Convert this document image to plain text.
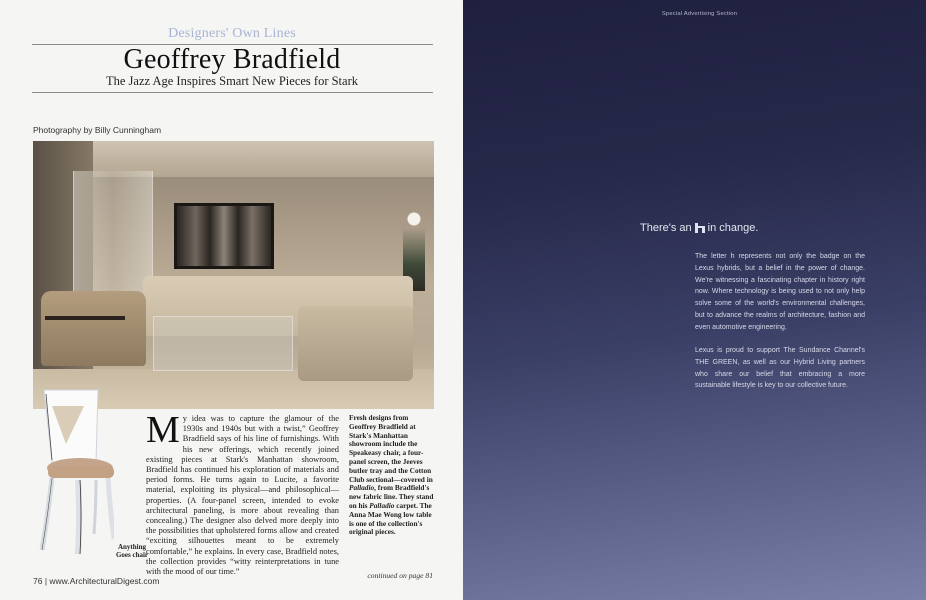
Designers' Own Lines
Geoffrey Bradfield
The Jazz Age Inspires Smart New Pieces for Stark
Photography by Billy Cunningham
Anything Goes chair
My idea was to capture the glamour of the 1930s and 1940s but with a twist,” Geoffrey Bradfield says of his line of furnishings. With his new offerings, which recently joined existing pieces at Stark's Manhattan showroom, Bradfield has continued his exploration of materials and period forms. He turns again to Lucite, a favorite material, exploiting its physical—and philosophical—properties. (A four-panel screen, intended to evoke architectural paneling, is more about revealing than concealing.) The designer also delved more deeply into the possibilities that upholstered forms allow and created “exciting silhouettes meant to be extremely comfortable,” he explains. In every case, Bradfield notes, the collection provides “witty reinterpretations in tune with the mood of our time.”
Fresh designs from Geoffrey Bradfield at Stark's Manhattan showroom include the Speakeasy chair, a four-panel screen, the Jeeves butler tray and the Cotton Club sectional—covered in Palladio, from Bradfield's new fabric line. They stand on his Palladio carpet. The Anna Mae Wong low table is one of the collection's original pieces.
continued on page 81
76 | www.ArchitecturalDigest.com
Special Advertising Section
There's an in change.

The letter h represents not only the badge on the Lexus hybrids, but a belief in the power of change. We're witnessing a fascinating chapter in history right now. Where technology is being used to not only help solve some of the world's environmental challenges, but to advance the realms of architecture, fashion and even automotive engineering.

Lexus is proud to support The Sundance Channel's THE GREEN, as well as our Hybrid Living partners who share our belief that embracing a more sustainable lifestyle is key to our collective future.
